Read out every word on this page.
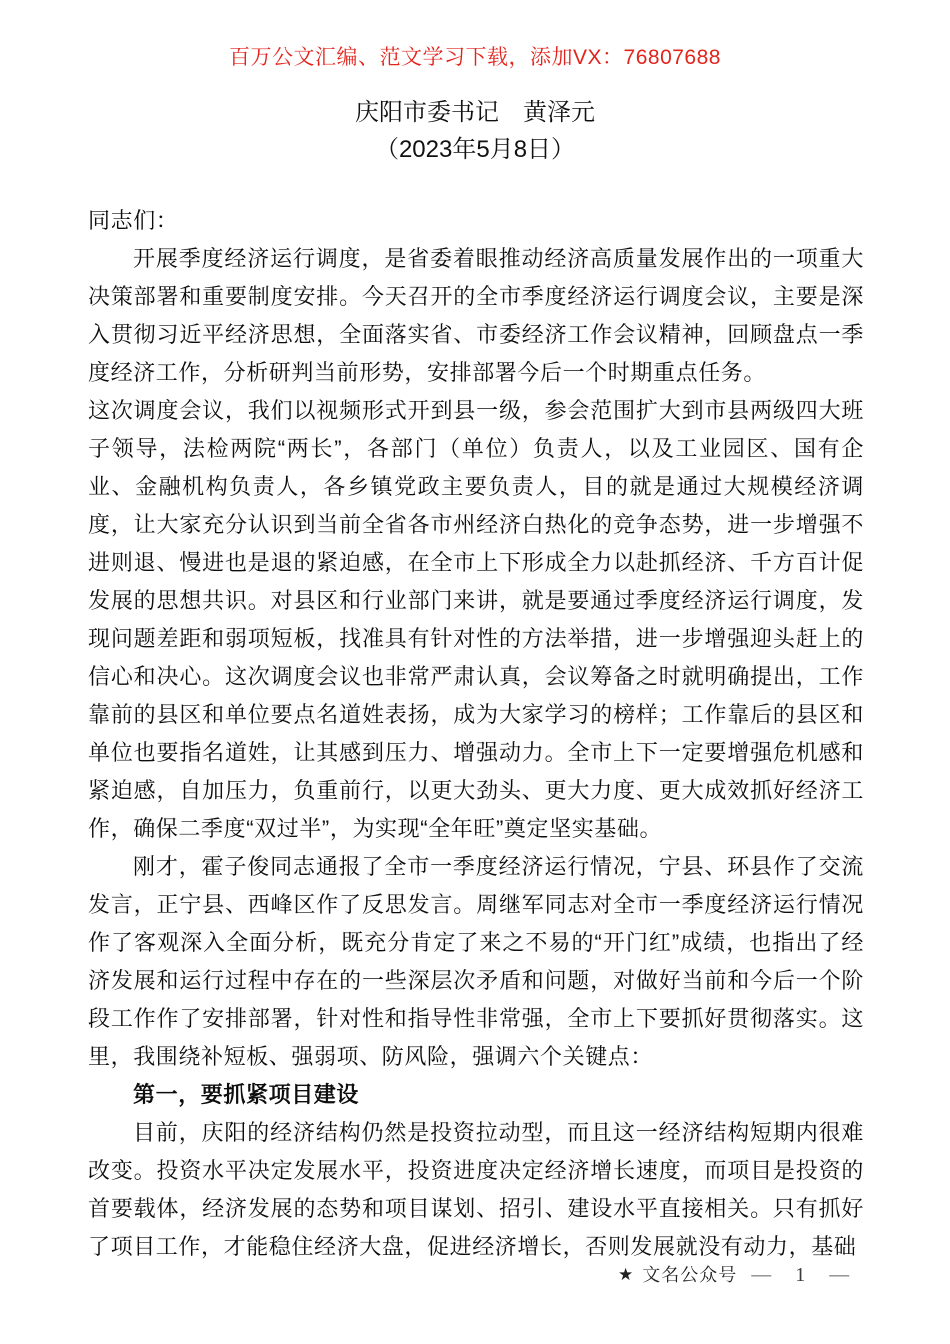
百万公文汇编、范文学习下载，添加VX：76807688
庆阳市委书记　黄泽元
（2023年5月8日）

同志们：

开展季度经济运行调度，是省委着眼推动经济高质量发展作出的一项重大决策部署和重要制度安排。今天召开的全市季度经济运行调度会议，主要是深入贯彻习近平经济思想，全面落实省、市委经济工作会议精神，回顾盘点一季度经济工作，分析研判当前形势，安排部署今后一个时期重点任务。

这次调度会议，我们以视频形式开到县一级，参会范围扩大到市县两级四大班子领导，法检两院“两长”，各部门（单位）负责人，以及工业园区、国有企业、金融机构负责人，各乡镇党政主要负责人，目的就是通过大规模经济调度，让大家充分认识到当前全省各市州经济白热化的竞争态势，进一步增强不进则退、慢进也是退的紧迫感，在全市上下形成全力以赴抓经济、千方百计促发展的思想共识。对县区和行业部门来讲，就是要通过季度经济运行调度，发现问题差距和弱项短板，找准具有针对性的方法举措，进一步增强迎头赶上的信心和决心。这次调度会议也非常严肃认真，会议筹备之时就明确提出，工作靠前的县区和单位要点名道姓表扬，成为大家学习的榜样；工作靠后的县区和单位也要指名道姓，让其感到压力、增强动力。全市上下一定要增强危机感和紧迫感，自加压力，负重前行，以更大劲头、更大力度、更大成效抓好经济工作，确保二季度“双过半”，为实现“全年旺”奠定坚实基础。

刚才，霍子俊同志通报了全市一季度经济运行情况，宁县、环县作了交流发言，正宁县、西峰区作了反思发言。周继军同志对全市一季度经济运行情况作了客观深入全面分析，既充分肯定了来之不易的“开门红”成绩，也指出了经济发展和运行过程中存在的一些深层次矛盾和问题，对做好当前和今后一个阶段工作作了安排部署，针对性和指导性非常强，全市上下要抓好贯彻落实。这里，我围绕补短板、强弱项、防风险，强调六个关键点：

第一，要抓紧项目建设

目前，庆阳的经济结构仍然是投资拉动型，而且这一经济结构短期内很难改变。投资水平决定发展水平，投资进度决定经济增长速度，而项目是投资的首要载体，经济发展的态势和项目谋划、招引、建设水平直接相关。只有抓好了项目工作，才能稳住经济大盘，促进经济增长，否则发展就没有动力，基础

★ 文名公众号 — 1 —
